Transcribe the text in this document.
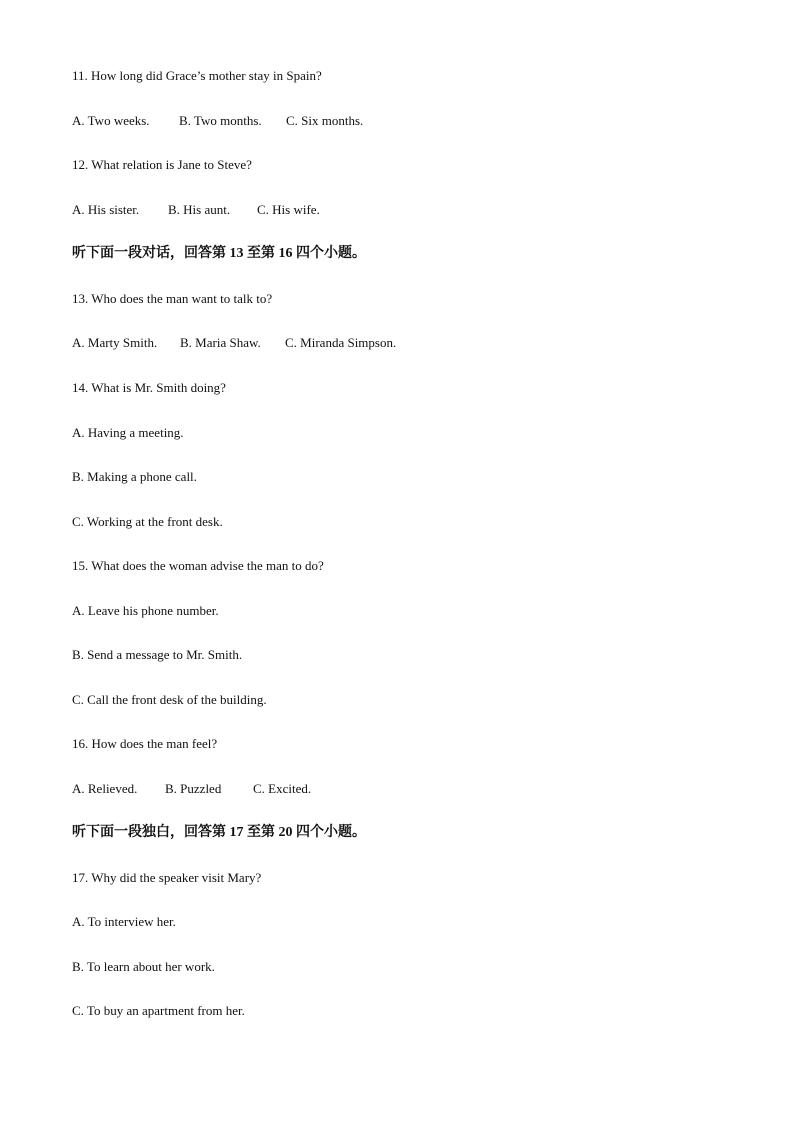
11. How long did Grace’s mother stay in Spain?
A. Two weeks. B. Two months. C. Six months.
12. What relation is Jane to Steve?
A. His sister. B. His aunt. C. His wife.
听下面一段对话，回答第 13 至第 16 四个小题。
13. Who does the man want to talk to?
A. Marty Smith. B. Maria Shaw. C. Miranda Simpson.
14. What is Mr. Smith doing?
A. Having a meeting.
B. Making a phone call.
C. Working at the front desk.
15. What does the woman advise the man to do?
A. Leave his phone number.
B. Send a message to Mr. Smith.
C. Call the front desk of the building.
16. How does the man feel?
A. Relieved. B. Puzzled C. Excited.
听下面一段独白，回答第 17 至第 20 四个小题。
17. Why did the speaker visit Mary?
A. To interview her.
B. To learn about her work.
C. To buy an apartment from her.
